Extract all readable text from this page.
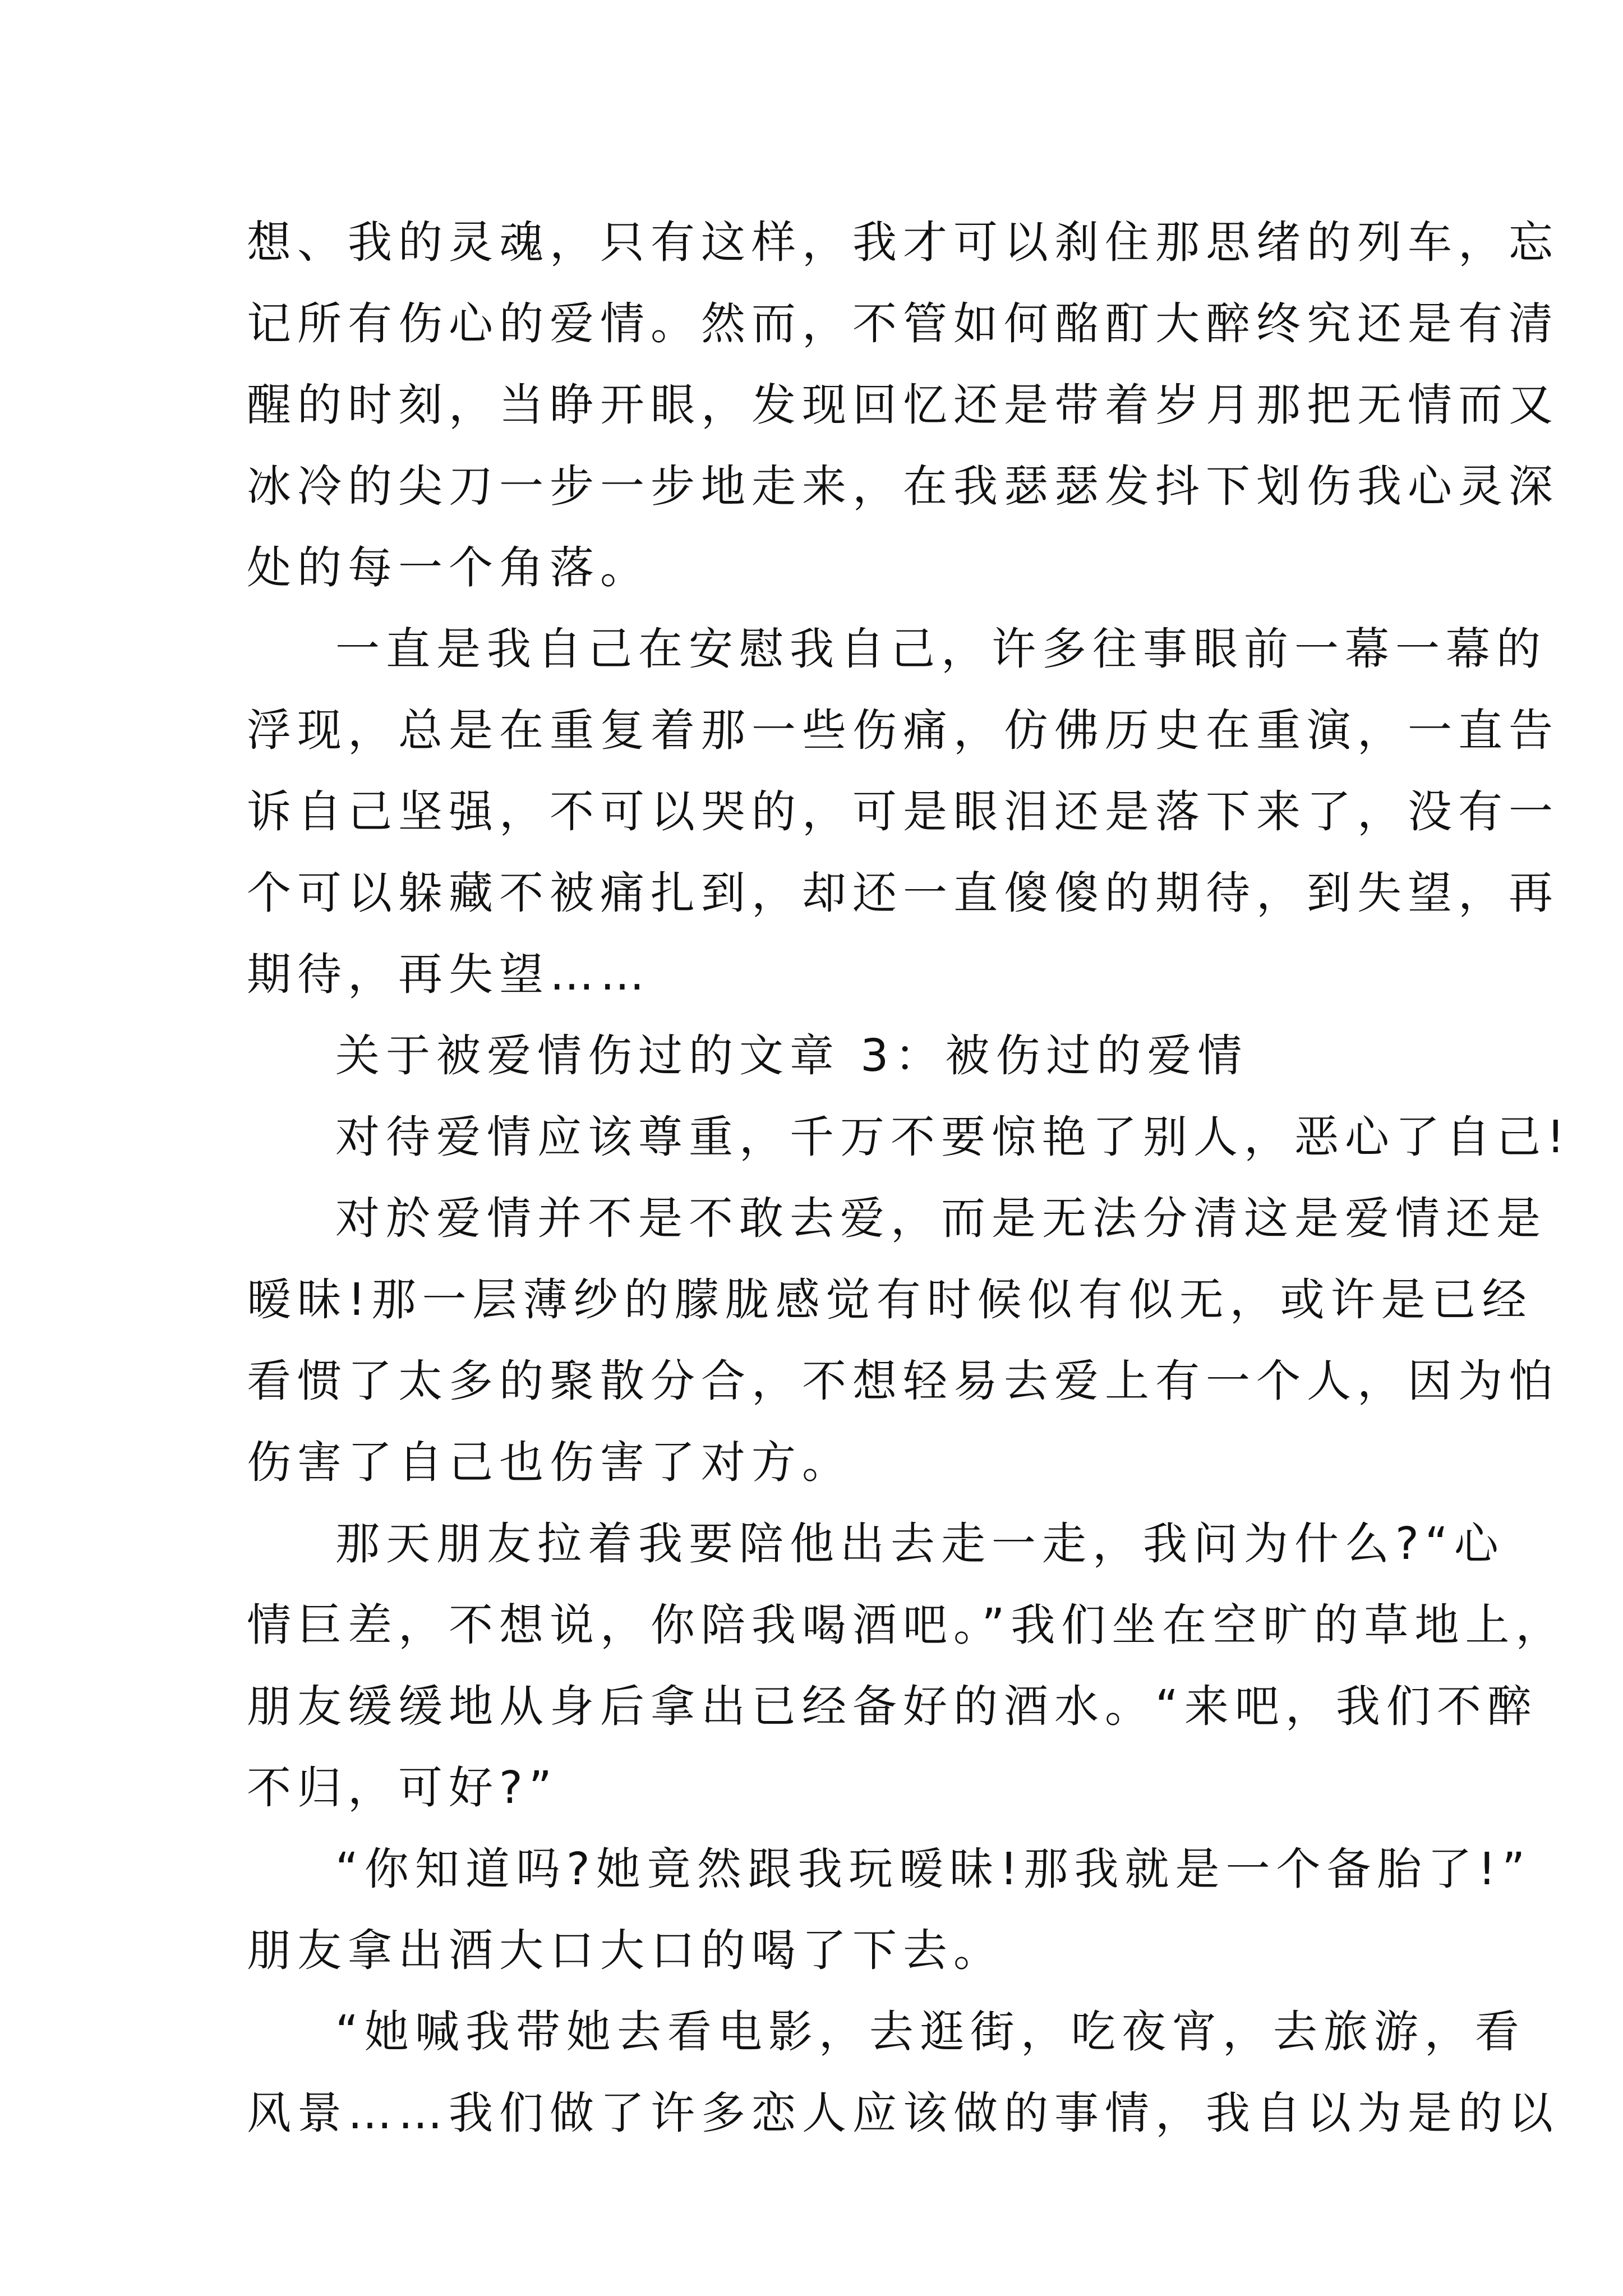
想、我的灵魂，只有这样，我才可以刹住那思绪的列车，忘
记所有伤心的爱情。然而，不管如何酩酊大醉终究还是有清
醒的时刻，当睁开眼，发现回忆还是带着岁月那把无情而又
冰冷的尖刀一步一步地走来，在我瑟瑟发抖下划伤我心灵深
处的每一个角落。
一直是我自己在安慰我自己，许多往事眼前一幕一幕的
浮现，总是在重复着那一些伤痛，仿佛历史在重演，一直告
诉自己坚强，不可以哭的，可是眼泪还是落下来了，没有一
个可以躲藏不被痛扎到，却还一直傻傻的期待，到失望，再
期待，再失望……
关于被爱情伤过的文章 3：被伤过的爱情
对待爱情应该尊重，千万不要惊艳了别人，恶心了自己!
对於爱情并不是不敢去爱，而是无法分清这是爱情还是
暧昧!那一层薄纱的朦胧感觉有时候似有似无，或许是已经
看惯了太多的聚散分合，不想轻易去爱上有一个人，因为怕
伤害了自己也伤害了对方。
那天朋友拉着我要陪他出去走一走，我问为什么?“心
情巨差，不想说，你陪我喝酒吧。”我们坐在空旷的草地上，
朋友缓缓地从身后拿出已经备好的酒水。“来吧，我们不醉
不归，可好?”
“你知道吗?她竟然跟我玩暧昧!那我就是一个备胎了!”
朋友拿出酒大口大口的喝了下去。
“她喊我带她去看电影，去逛街，吃夜宵，去旅游，看
风景……我们做了许多恋人应该做的事情，我自以为是的以
